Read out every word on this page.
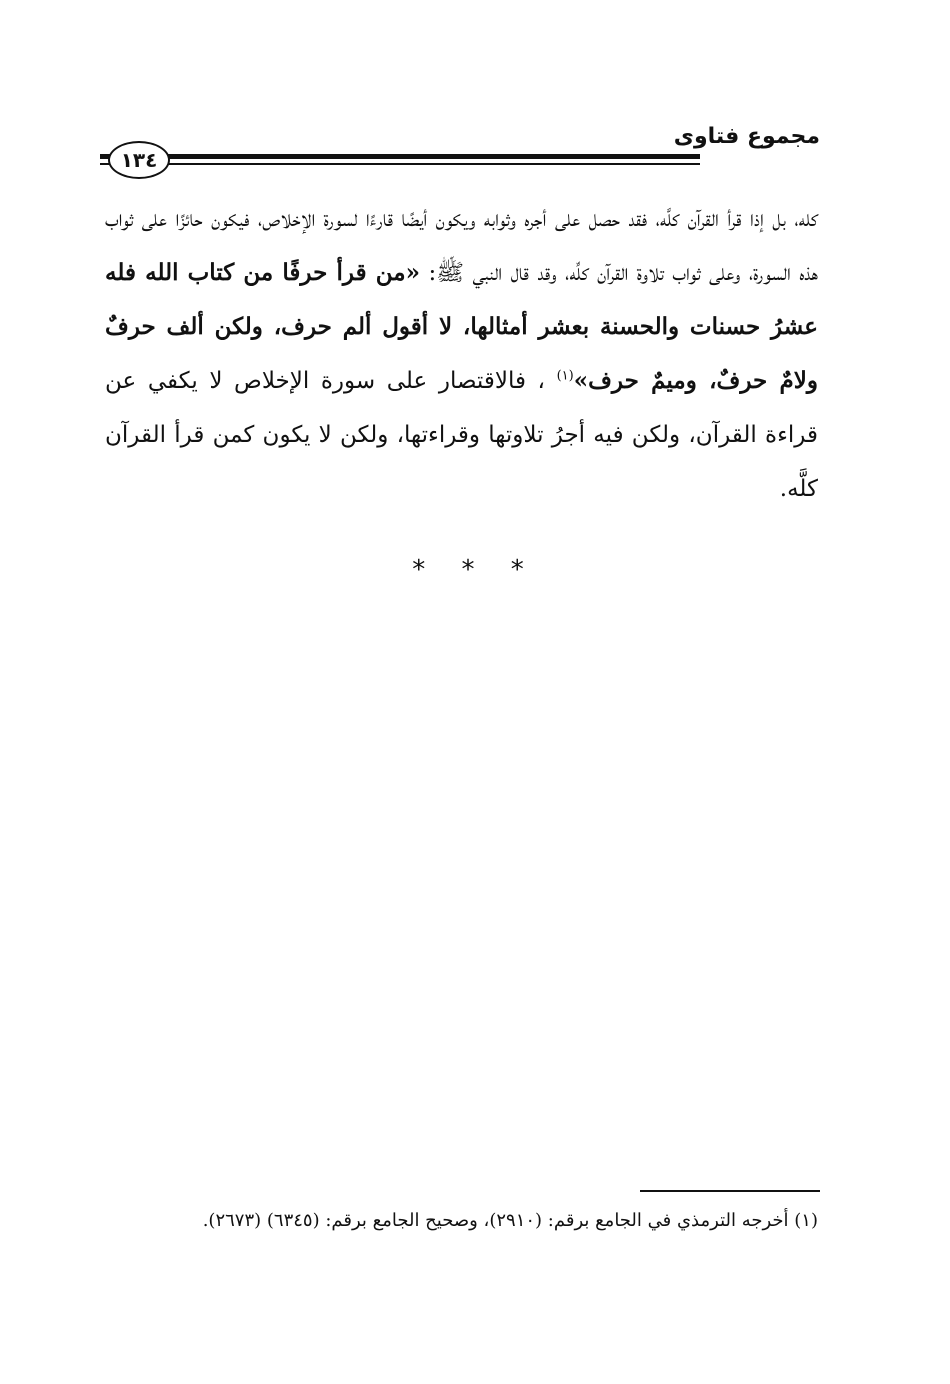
مجموع فتاوى
١٣٤
كله، بل إذا قرأ القرآن كلَّه، فقد حصل على أجره وثوابه ويكون أيضًا قارءًا لسورة الإخلاص، فيكون حائزًا على ثواب هذه السورة، وعلى ثواب تلاوة القرآن كلِّه، وقد قال النبي ﷺ: «من قرأ حرفًا من كتاب الله فله عشرُ حسنات والحسنة بعشر أمثالها، لا أقول ألم حرف، ولكن ألف حرفٌ ولامٌ حرفٌ، وميمٌ حرف»$^{(١)}$ ، فالاقتصار على سورة الإخلاص لا يكفي عن قراءة القرآن، ولكن فيه أجرُ تلاوتها وقراءتها، ولكن لا يكون كمن قرأ القرآن كلَّه.
* * *
(١) أخرجه الترمذي في الجامع برقم: (٢٩١٠)، وصحيح الجامع برقم: (٦٣٤٥) (٢٦٧٣).
